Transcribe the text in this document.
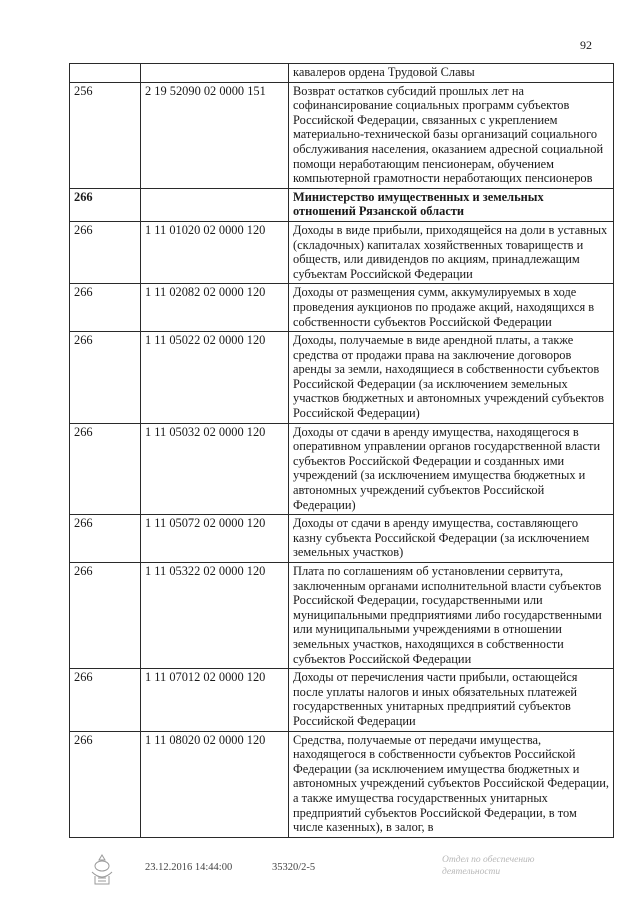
92
		кавалеров ордена Трудовой Славы
256	2 19 52090 02 0000 151	Возврат остатков субсидий прошлых лет на софинансирование социальных программ субъектов Российской Федерации, связанных с укреплением материально-технической базы организаций социального обслуживания населения, оказанием адресной социальной помощи неработающим пенсионерам, обучением компьютерной грамотности неработающих пенсионеров
266		Министерство имущественных и земельных отношений Рязанской области
266	1 11 01020 02 0000 120	Доходы в виде прибыли, приходящейся на доли в уставных (складочных) капиталах хозяйственных товариществ и обществ, или дивидендов по акциям, принадлежащим субъектам Российской Федерации
266	1 11 02082 02 0000 120	Доходы от размещения сумм, аккумулируемых в ходе проведения аукционов по продаже акций, находящихся в собственности субъектов Российской Федерации
266	1 11 05022 02 0000 120	Доходы, получаемые в виде арендной платы, а также средства от продажи права на заключение договоров аренды за земли, находящиеся в собственности субъектов Российской Федерации (за исключением земельных участков бюджетных и автономных учреждений субъектов Российской Федерации)
266	1 11 05032 02 0000 120	Доходы от сдачи в аренду имущества, находящегося в оперативном управлении органов государственной власти субъектов Российской Федерации и созданных ими учреждений (за исключением имущества бюджетных и автономных учреждений субъектов Российской Федерации)
266	1 11 05072 02 0000 120	Доходы от сдачи в аренду имущества, составляющего казну субъекта Российской Федерации (за исключением земельных участков)
266	1 11 05322 02 0000 120	Плата по соглашениям об установлении сервитута, заключенным органами исполнительной власти субъектов Российской Федерации, государственными или муниципальными предприятиями либо государственными или муниципальными учреждениями в отношении земельных участков, находящихся в собственности субъектов Российской Федерации
266	1 11 07012 02 0000 120	Доходы от перечисления части прибыли, остающейся после уплаты налогов и иных обязательных платежей государственных унитарных предприятий субъектов Российской Федерации
266	1 11 08020 02 0000 120	Средства, получаемые от передачи имущества, находящегося в собственности субъектов Российской Федерации (за исключением имущества бюджетных и автономных учреждений субъектов Российской Федерации, а также имущества государственных унитарных предприятий субъектов Российской Федерации, в том числе казенных), в залог, в
23.12.2016 14:44:00	35320/2-5
Отдел по обеспечению деятельности
